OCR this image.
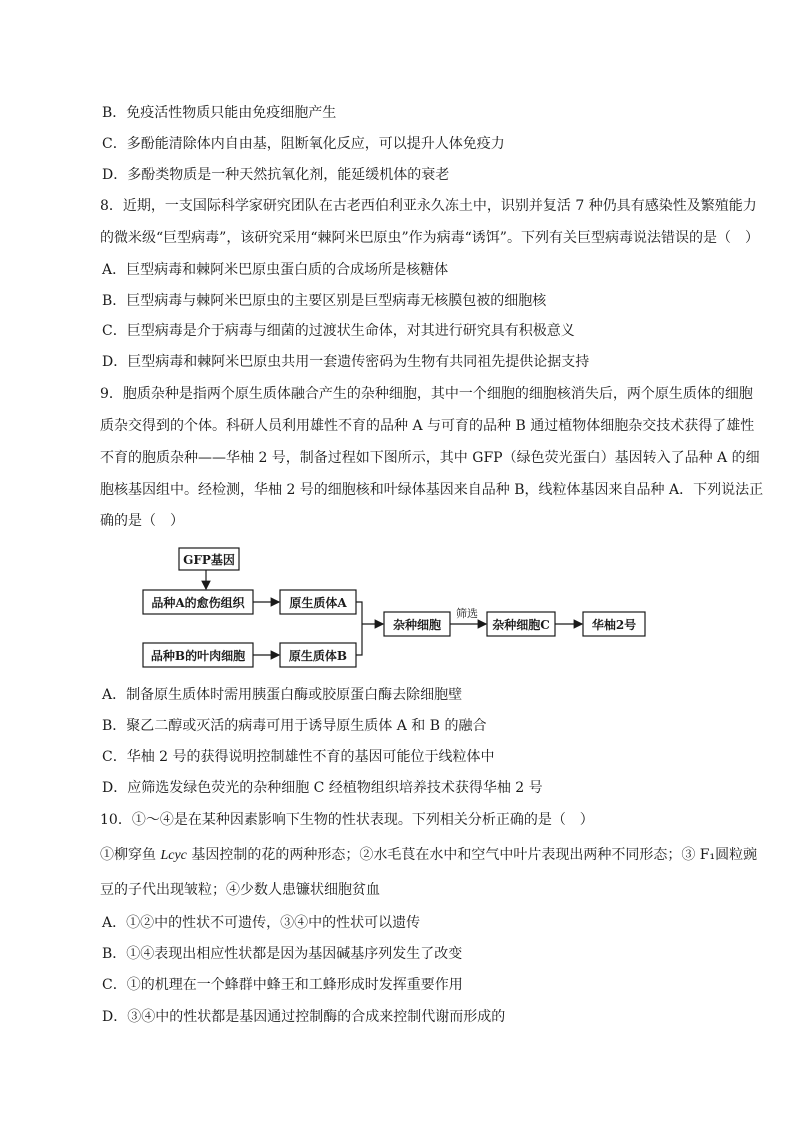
B．免疫活性物质只能由免疫细胞产生
C．多酚能清除体内自由基，阻断氧化反应，可以提升人体免疫力
D．多酚类物质是一种天然抗氧化剂，能延缓机体的衰老
8．近期，一支国际科学家研究团队在古老西伯利亚永久冻土中，识别并复活 7 种仍具有感染性及繁殖能力
的微米级“巨型病毒”，该研究采用“棘阿米巴原虫”作为病毒“诱饵”。下列有关巨型病毒说法错误的是（　）
A．巨型病毒和棘阿米巴原虫蛋白质的合成场所是核糖体
B．巨型病毒与棘阿米巴原虫的主要区别是巨型病毒无核膜包被的细胞核
C．巨型病毒是介于病毒与细菌的过渡状生命体，对其进行研究具有积极意义
D．巨型病毒和棘阿米巴原虫共用一套遗传密码为生物有共同祖先提供论据支持
9．胞质杂种是指两个原生质体融合产生的杂种细胞，其中一个细胞的细胞核消失后，两个原生质体的细胞
质杂交得到的个体。科研人员利用雄性不育的品种 A 与可育的品种 B 通过植物体细胞杂交技术获得了雄性
不育的胞质杂种——华柚 2 号，制备过程如下图所示，其中 GFP（绿色荧光蛋白）基因转入了品种 A 的细
胞核基因组中。经检测，华柚 2 号的细胞核和叶绿体基因来自品种 B，线粒体基因来自品种 A．下列说法正
确的是（　）
GFP基因
品种A的愈伤组织
品种B的叶肉细胞
原生质体A
原生质体B
杂种细胞	杂种细胞C	华柚2号
筛选
A．制备原生质体时需用胰蛋白酶或胶原蛋白酶去除细胞壁
B．聚乙二醇或灭活的病毒可用于诱导原生质体 A 和 B 的融合
C．华柚 2 号的获得说明控制雄性不育的基因可能位于线粒体中
D．应筛选发绿色荧光的杂种细胞 C 经植物组织培养技术获得华柚 2 号
10．①～④是在某种因素影响下生物的性状表现。下列相关分析正确的是（　）
①柳穿鱼 Lcyc 基因控制的花的两种形态；②水毛茛在水中和空气中叶片表现出两种不同形态；③ F₁圆粒豌
豆的子代出现皱粒；④少数人患镰状细胞贫血
A．①②中的性状不可遗传，③④中的性状可以遗传
B．①④表现出相应性状都是因为基因碱基序列发生了改变
C．①的机理在一个蜂群中蜂王和工蜂形成时发挥重要作用
D．③④中的性状都是基因通过控制酶的合成来控制代谢而形成的
